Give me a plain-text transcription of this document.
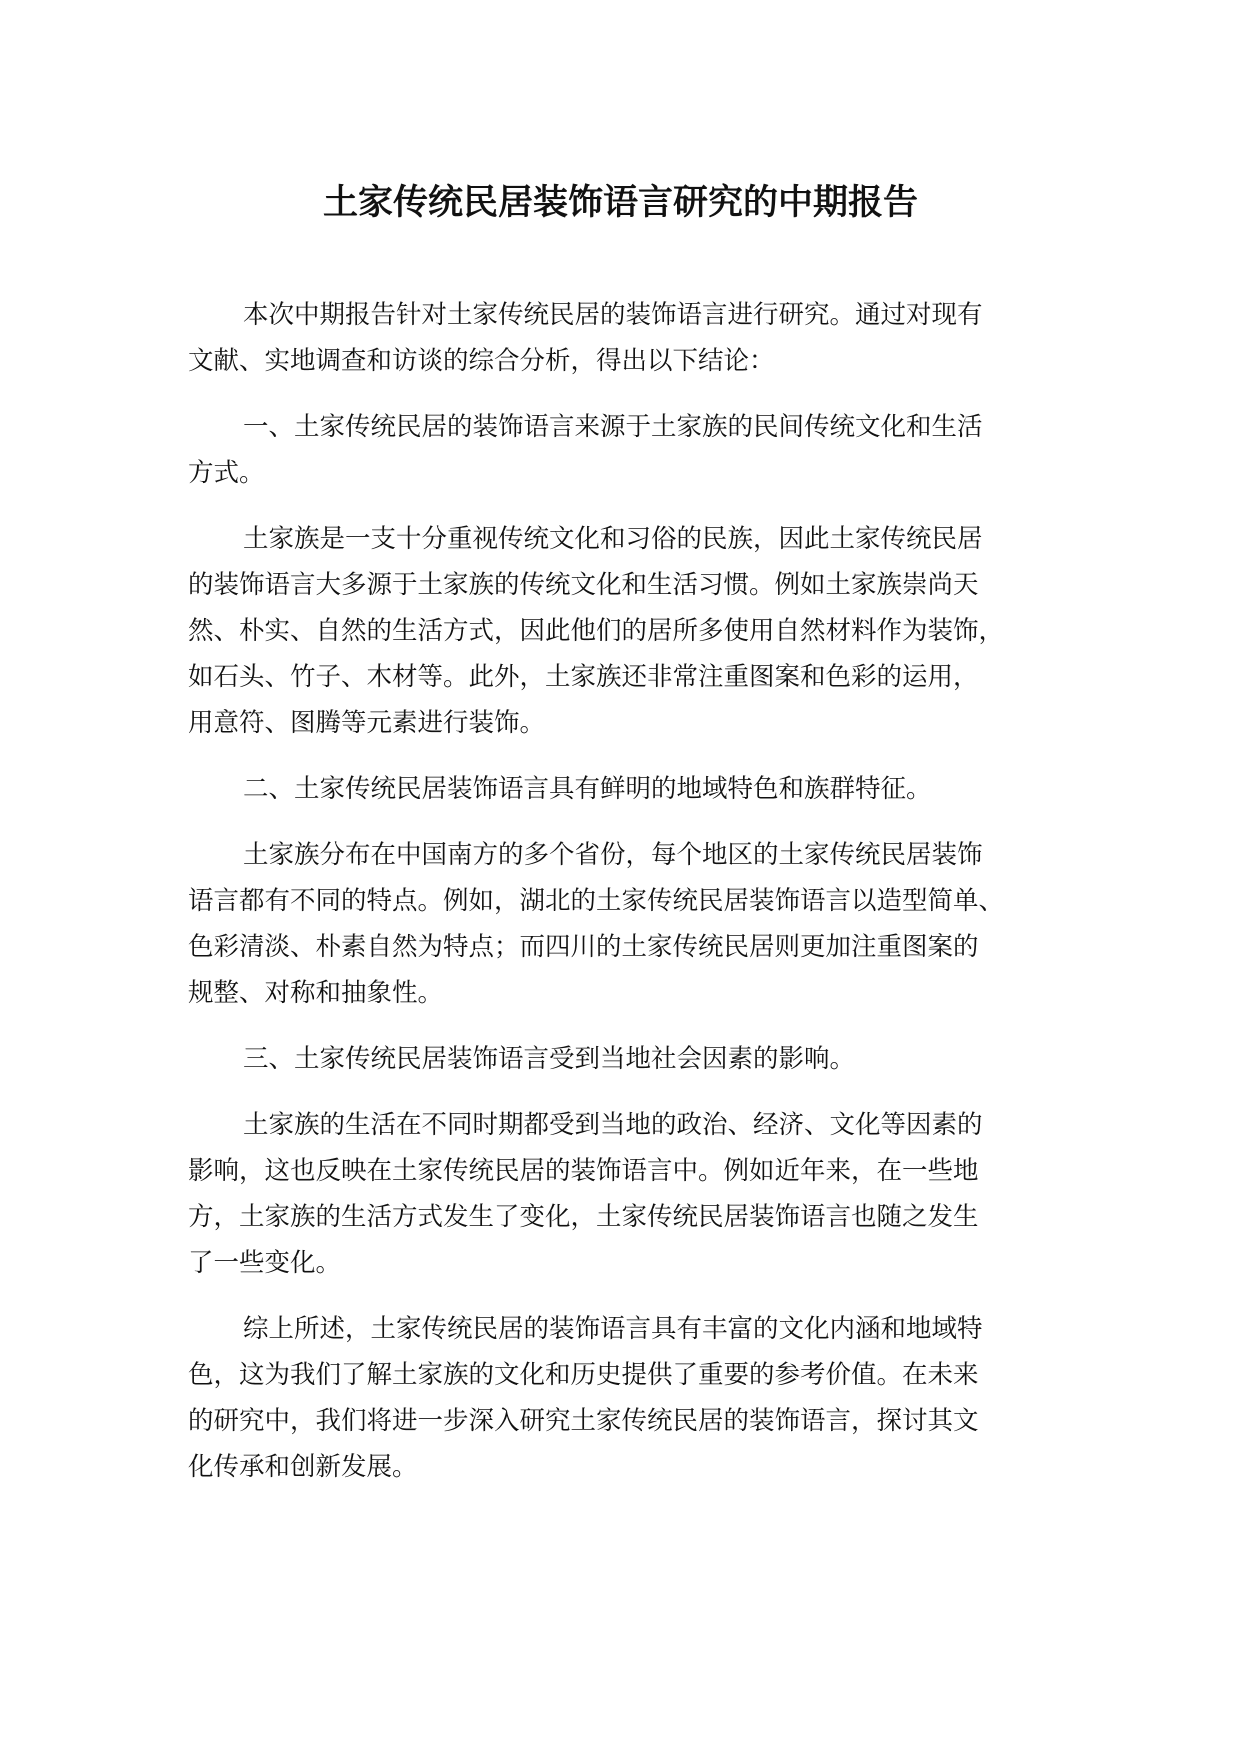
土家传统民居装饰语言研究的中期报告

本次中期报告针对土家传统民居的装饰语言进行研究。通过对现有
文献、实地调查和访谈的综合分析，得出以下结论：

一、土家传统民居的装饰语言来源于土家族的民间传统文化和生活
方式。

土家族是一支十分重视传统文化和习俗的民族，因此土家传统民居
的装饰语言大多源于土家族的传统文化和生活习惯。例如土家族崇尚天
然、朴实、自然的生活方式，因此他们的居所多使用自然材料作为装饰，
如石头、竹子、木材等。此外，土家族还非常注重图案和色彩的运用，
用意符、图腾等元素进行装饰。

二、土家传统民居装饰语言具有鲜明的地域特色和族群特征。

土家族分布在中国南方的多个省份，每个地区的土家传统民居装饰
语言都有不同的特点。例如，湖北的土家传统民居装饰语言以造型简单、
色彩清淡、朴素自然为特点；而四川的土家传统民居则更加注重图案的
规整、对称和抽象性。

三、土家传统民居装饰语言受到当地社会因素的影响。

土家族的生活在不同时期都受到当地的政治、经济、文化等因素的
影响，这也反映在土家传统民居的装饰语言中。例如近年来，在一些地
方，土家族的生活方式发生了变化，土家传统民居装饰语言也随之发生
了一些变化。

综上所述，土家传统民居的装饰语言具有丰富的文化内涵和地域特
色，这为我们了解土家族的文化和历史提供了重要的参考价值。在未来
的研究中，我们将进一步深入研究土家传统民居的装饰语言，探讨其文
化传承和创新发展。
